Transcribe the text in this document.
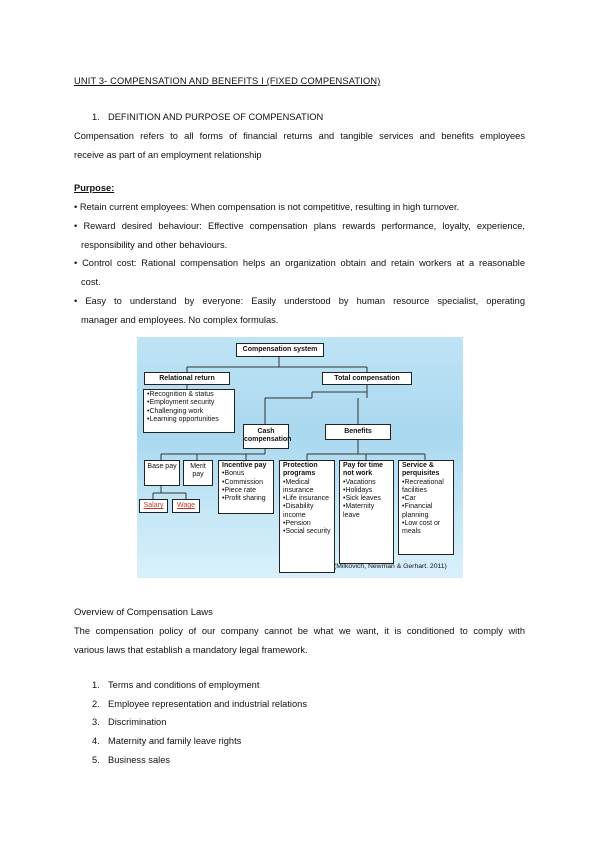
UNIT 3- COMPENSATION AND BENEFITS I (FIXED COMPENSATION)
1. DEFINITION AND PURPOSE OF COMPENSATION
Compensation refers to all forms of financial returns and tangible services and benefits employees
receive as part of an employment relationship
Purpose:
• Retain current employees: When compensation is not competitive, resulting in high turnover.
• Reward desired behaviour: Effective compensation plans rewards performance, loyalty, experience,
responsibility and other behaviours.
• Control cost: Rational compensation helps an organization obtain and retain workers at a reasonable
cost.
• Easy to understand by everyone: Easily understood by human resource specialist, operating
manager and employees. No complex formulas.
Compensation system
Relational return	Total compensation
•Recognition & status
•Employment security
•Challenging work
•Learning opportunities
Cash compensation
Benefits
Base pay	Merit pay
Salary	Wage
Incentive pay
•Bonus
•Commission
•Piece rate
•Profit sharing
Protection programs
•Medical insurance
•Life insurance
•Disability income
•Pension
•Social security
Pay for time not work
•Vacations
•Holidays
•Sick leaves
•Maternity leave
Service & perquisites
•Recreational facilities
•Car
•Financial planning
•Low cost or meals
(Milkovich, Newman & Gerhart. 2011)
Overview of Compensation Laws
The compensation policy of our company cannot be what we want, it is conditioned to comply with
various laws that establish a mandatory legal framework.
1. Terms and conditions of employment
2. Employee representation and industrial relations
3. Discrimination
4. Maternity and family leave rights
5. Business sales
